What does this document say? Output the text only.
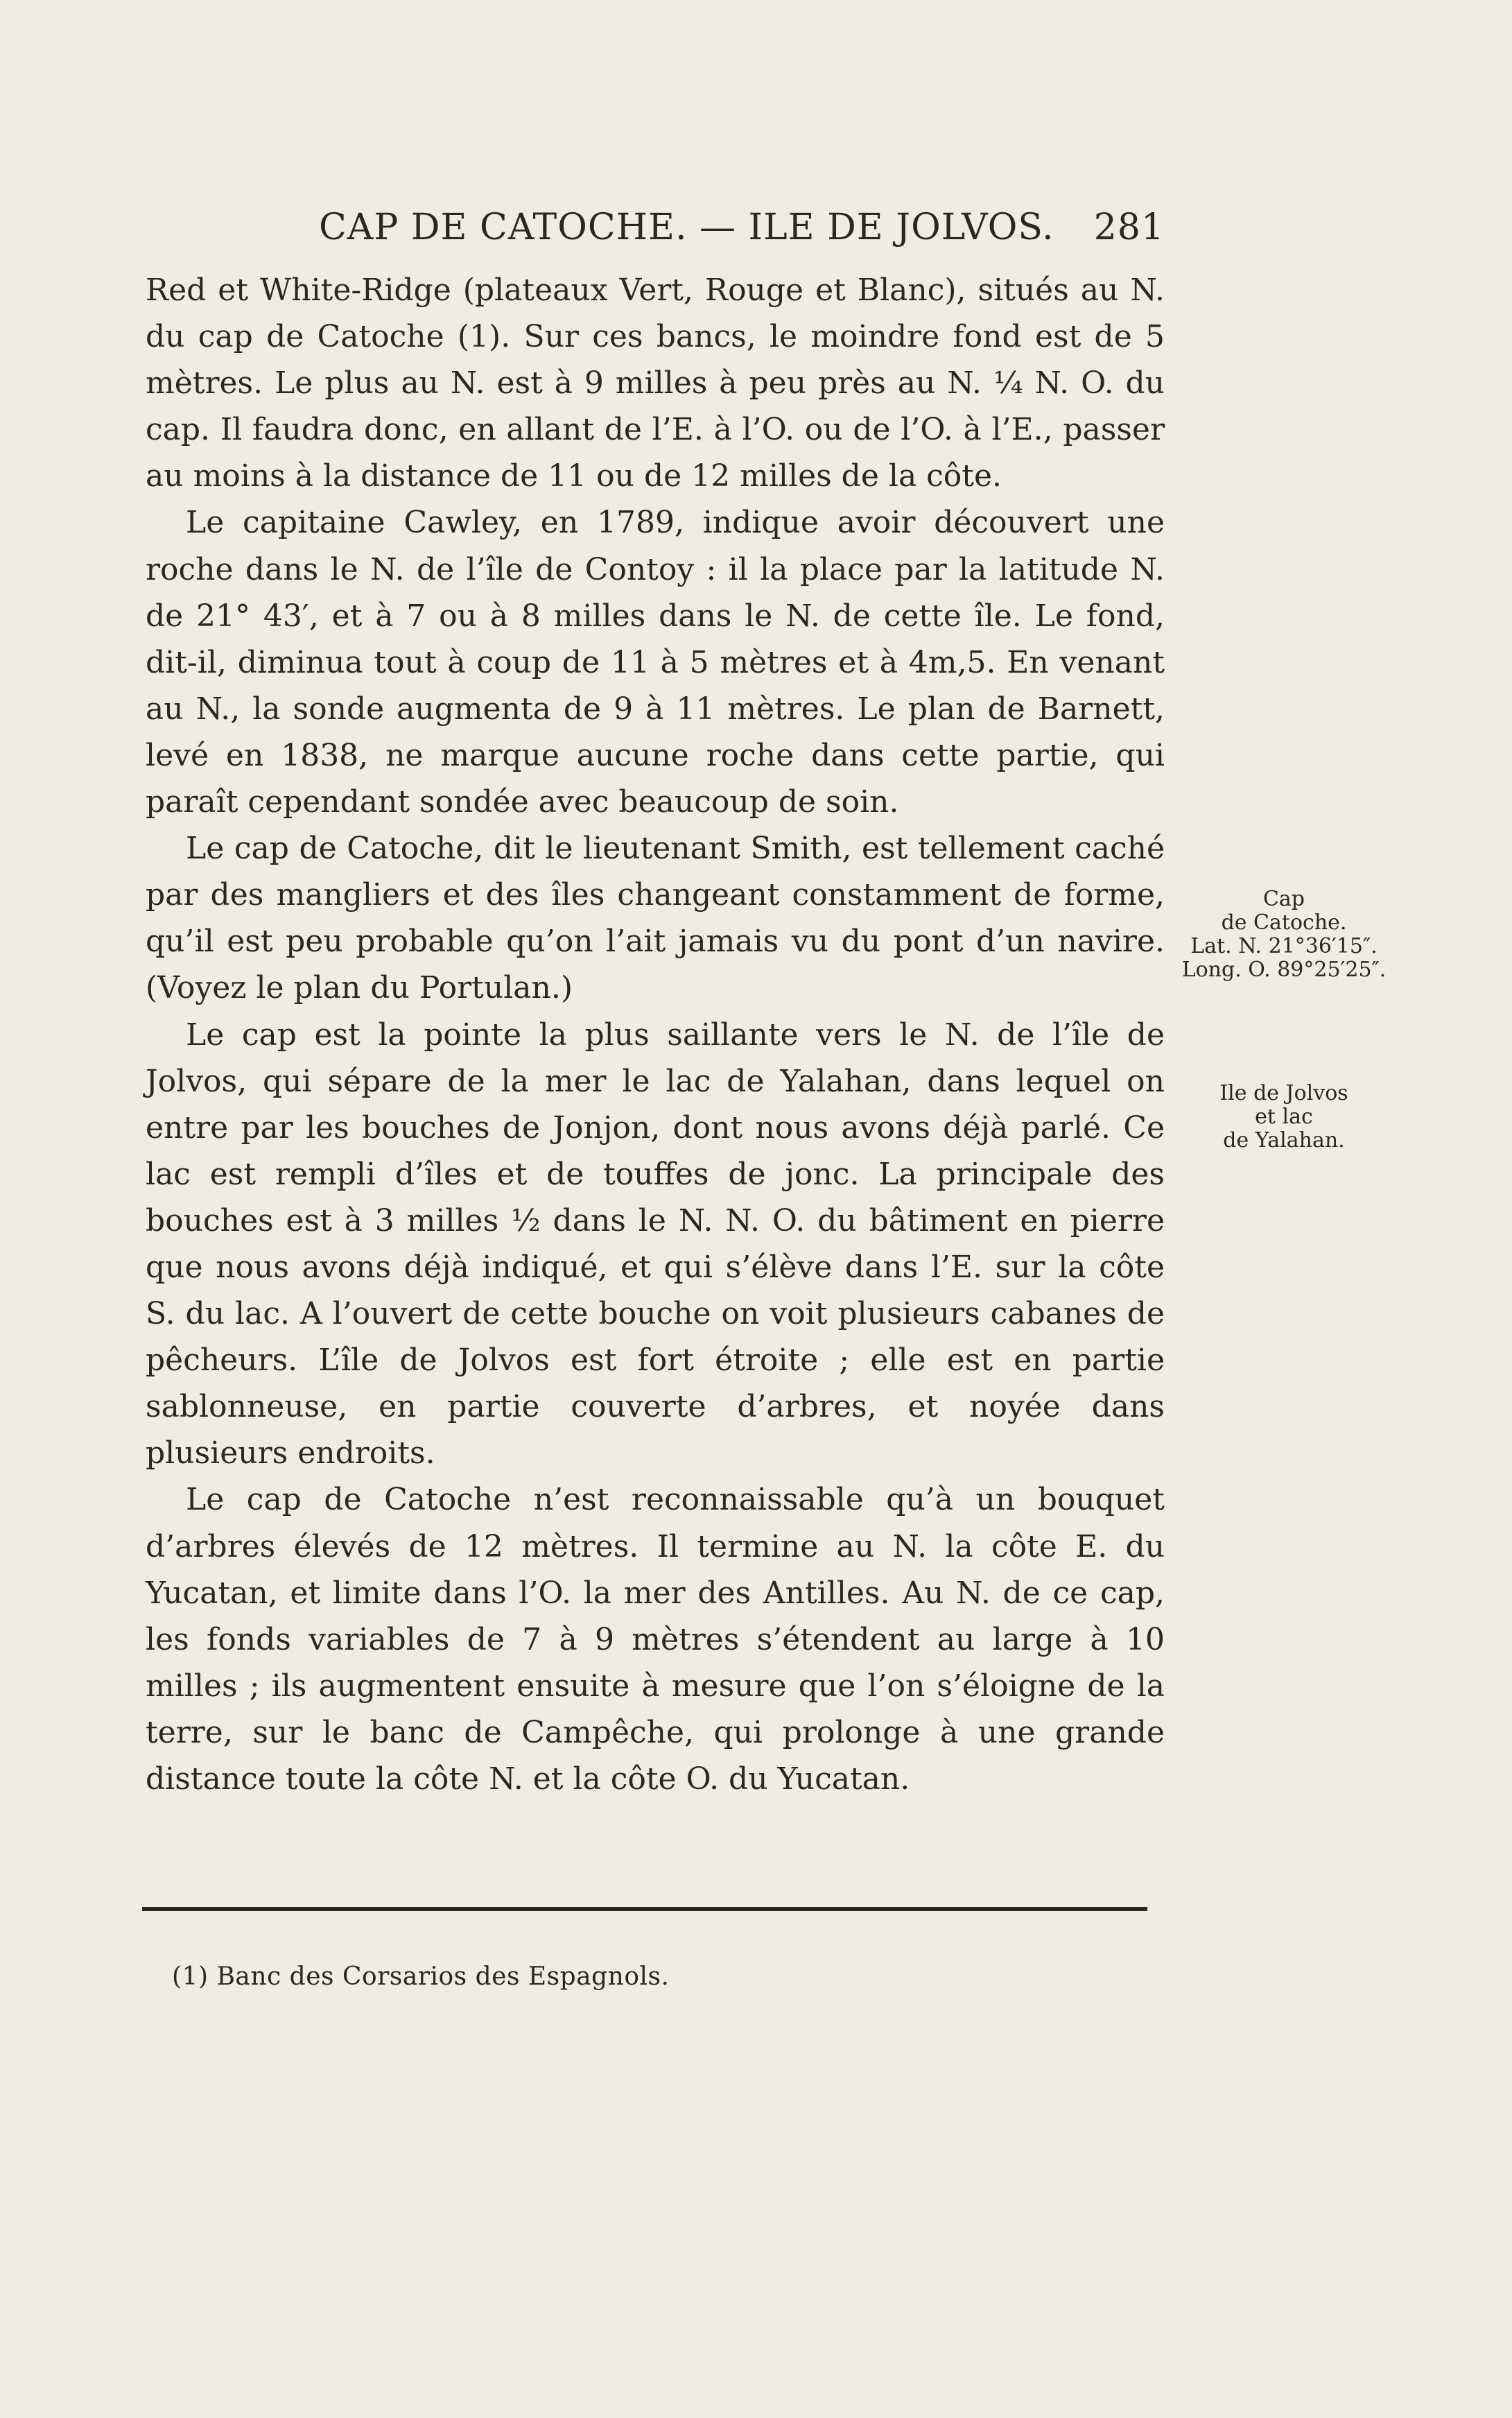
CAP DE CATOCHE. — ILE DE JOLVOS. 281

Red et White-Ridge (plateaux Vert, Rouge et Blanc), situés au N. du cap de Catoche (1). Sur ces bancs, le moindre fond est de 5 mètres. Le plus au N. est à 9 milles à peu près au N. ¼ N. O. du cap. Il faudra donc, en allant de l’E. à l’O. ou de l’O. à l’E., passer au moins à la distance de 11 ou de 12 milles de la côte.

Le capitaine Cawley, en 1789, indique avoir découvert une roche dans le N. de l’île de Contoy : il la place par la latitude N. de 21° 43′, et à 7 ou à 8 milles dans le N. de cette île. Le fond, dit-il, diminua tout à coup de 11 à 5 mètres et à 4m,5. En venant au N., la sonde augmenta de 9 à 11 mètres. Le plan de Barnett, levé en 1838, ne marque aucune roche dans cette partie, qui paraît cependant sondée avec beaucoup de soin.

Le cap de Catoche, dit le lieutenant Smith, est tellement caché par des mangliers et des îles changeant constamment de forme, qu’il est peu probable qu’on l’ait jamais vu du pont d’un navire. (Voyez le plan du Portulan.)

Le cap est la pointe la plus saillante vers le N. de l’île de Jolvos, qui sépare de la mer le lac de Yalahan, dans lequel on entre par les bouches de Jonjon, dont nous avons déjà parlé. Ce lac est rempli d’îles et de touffes de jonc. La principale des bouches est à 3 milles ½ dans le N. N. O. du bâtiment en pierre que nous avons déjà indiqué, et qui s’élève dans l’E. sur la côte S. du lac. A l’ouvert de cette bouche on voit plusieurs cabanes de pêcheurs. L’île de Jolvos est fort étroite ; elle est en partie sablonneuse, en partie couverte d’arbres, et noyée dans plusieurs endroits.

Le cap de Catoche n’est reconnaissable qu’à un bouquet d’arbres élevés de 12 mètres. Il termine au N. la côte E. du Yucatan, et limite dans l’O. la mer des Antilles. Au N. de ce cap, les fonds variables de 7 à 9 mètres s’étendent au large à 10 milles ; ils augmentent ensuite à mesure que l’on s’éloigne de la terre, sur le banc de Campêche, qui prolonge à une grande distance toute la côte N. et la côte O. du Yucatan.

Cap
de Catoche.
Lat. N. 21°36′15″.
Long. O. 89°25′25″.
Ile de Jolvos
et lac
de Yalahan.
(1) Banc des Corsarios des Espagnols.
